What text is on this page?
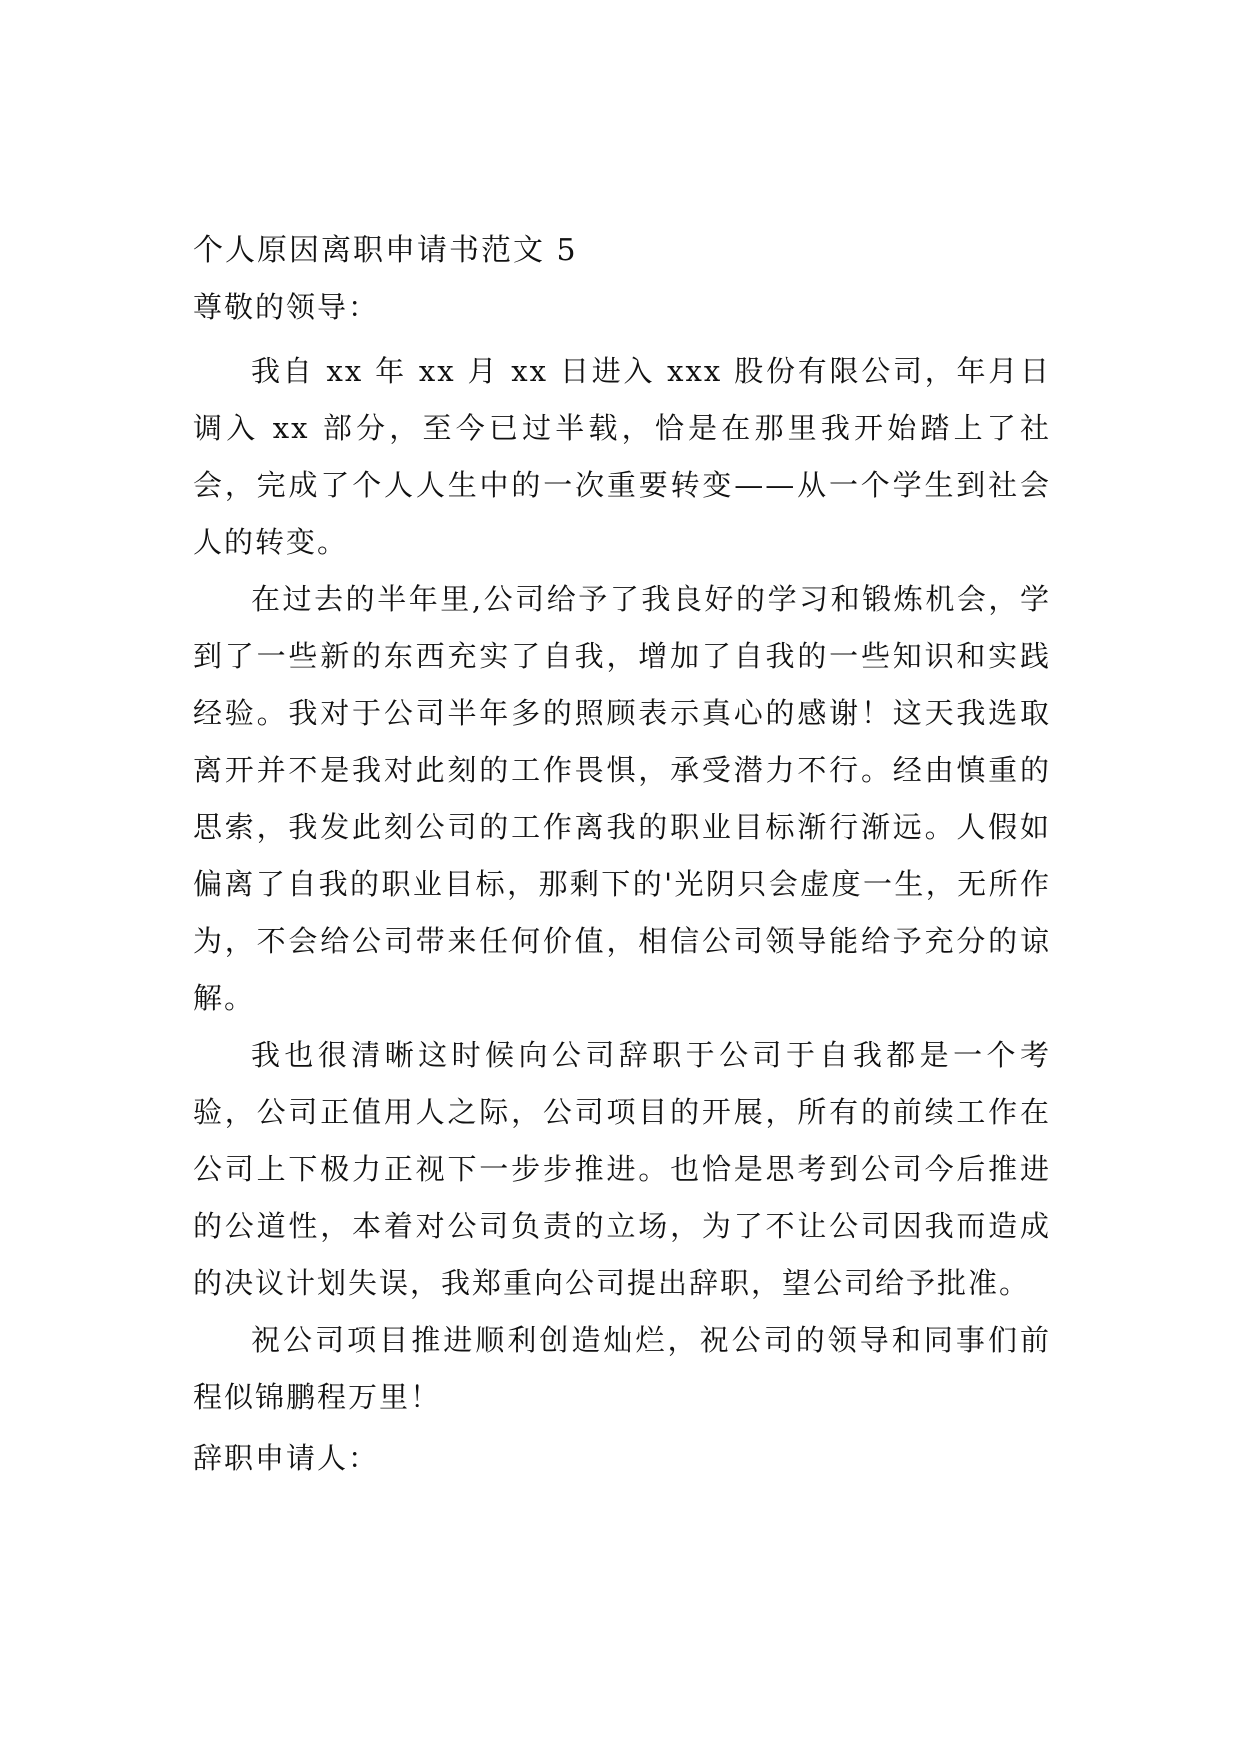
个人原因离职申请书范文 5

尊敬的领导：

我自 xx 年 xx 月 xx 日进入 xxx 股份有限公司，年月日调入 xx 部分，至今已过半载，恰是在那里我开始踏上了社会，完成了个人人生中的一次重要转变——从一个学生到社会人的转变。

在过去的半年里,公司给予了我良好的学习和锻炼机会，学到了一些新的东西充实了自我，增加了自我的一些知识和实践经验。我对于公司半年多的照顾表示真心的感谢！这天我选取离开并不是我对此刻的工作畏惧，承受潜力不行。经由慎重的思索，我发此刻公司的工作离我的职业目标渐行渐远。人假如偏离了自我的职业目标，那剩下的'光阴只会虚度一生，无所作为，不会给公司带来任何价值，相信公司领导能给予充分的谅解。

我也很清晰这时候向公司辞职于公司于自我都是一个考验，公司正值用人之际，公司项目的开展，所有的前续工作在公司上下极力正视下一步步推进。也恰是思考到公司今后推进的公道性，本着对公司负责的立场，为了不让公司因我而造成的决议计划失误，我郑重向公司提出辞职，望公司给予批准。

祝公司项目推进顺利创造灿烂，祝公司的领导和同事们前程似锦鹏程万里！

辞职申请人：
